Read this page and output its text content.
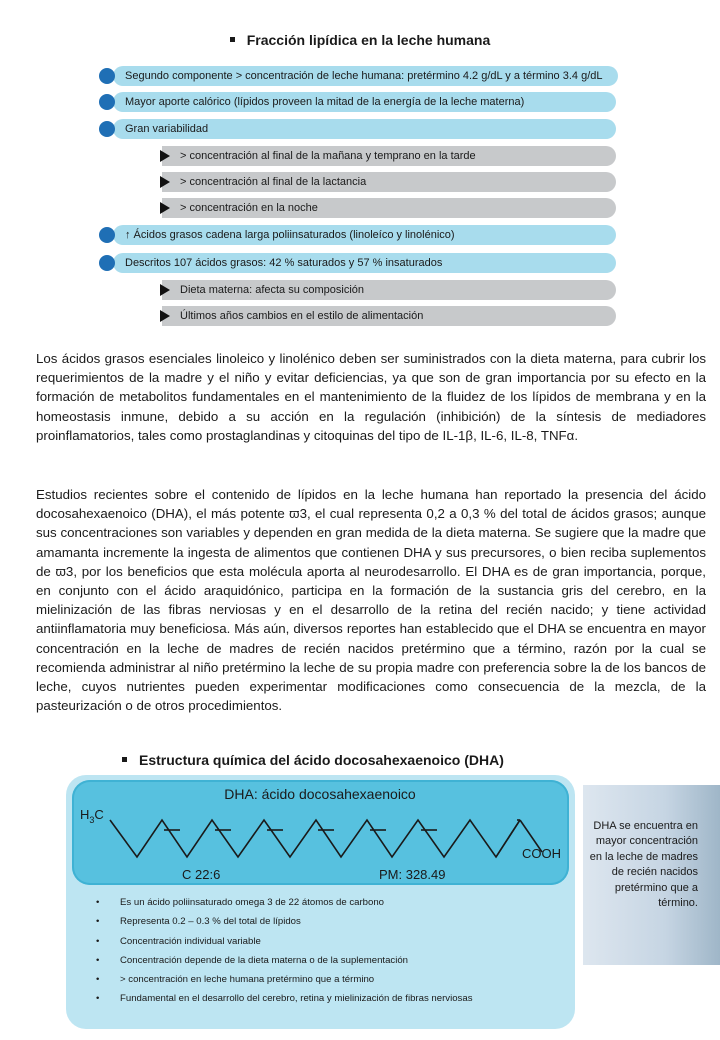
Fracción lipídica en la leche humana
Segundo componente > concentración de leche humana: pretérmino 4.2 g/dL y a término 3.4 g/dL
Mayor aporte calórico (lípidos proveen la mitad de la energía de la leche materna)
Gran variabilidad
> concentración al final de la mañana y temprano en la tarde
> concentración al final de la lactancia
> concentración en la noche
↑ Ácidos grasos cadena larga poliinsaturados (linoleíco y linolénico)
Descritos 107 ácidos grasos: 42 % saturados y 57 % insaturados
Dieta materna: afecta su composición
Últimos años cambios en el estilo de alimentación

Los ácidos grasos esenciales linoleico y linolénico deben ser suministrados con la dieta materna, para cubrir los requerimientos de la madre y el niño y evitar deficiencias, ya que son de gran importancia por su efecto en la formación de metabolitos fundamentales en el mantenimiento de la fluidez de los lípidos de membrana y en la homeostasis inmune, debido a su acción en la regulación (inhibición) de la síntesis de mediadores proinflamatorios, tales como prostaglandinas y citoquinas del tipo de IL-1β, IL-6, IL-8, TNFα.

Estudios recientes sobre el contenido de lípidos en la leche humana han reportado la presencia del ácido docosahexaenoico (DHA), el más potente ϖ3, el cual representa 0,2 a 0,3 % del total de ácidos grasos; aunque sus concentraciones son variables y dependen en gran medida de la dieta materna. Se sugiere que la madre que amamanta incremente la ingesta de alimentos que contienen DHA y sus precursores, o bien reciba suplementos de ϖ3, por los beneficios que esta molécula aporta al neurodesarrollo. El DHA es de gran importancia, porque, en conjunto con el ácido araquidónico, participa en la formación de la sustancia gris del cerebro, en la mielinización de las fibras nerviosas y en el desarrollo de la retina del recién nacido; y tiene actividad antiinflamatoria muy beneficiosa. Más aún, diversos reportes han establecido que el DHA se encuentra en mayor concentración en la leche de madres de recién nacidos pretérmino que a término, razón por la cual se recomienda administrar al niño pretérmino la leche de su propia madre con preferencia sobre la de los bancos de leche, cuyos nutrientes pueden experimentar modificaciones como consecuencia de la mezcla, de la pasteurización o de otros procedimientos.

Estructura química del ácido docosahexaenoico (DHA)
DHA: ácido docosahexaenoico
$H_3C$
COOH
C 22:6	PM: 328.49
• Es un ácido poliinsaturado omega 3 de 22 átomos de carbono
• Representa 0.2 – 0.3 % del total de lípidos
• Concentración individual variable
• Concentración depende de la dieta materna o de la suplementación
• > concentración en leche humana pretérmino que a término
• Fundamental en el desarrollo del cerebro, retina y mielinización de fibras nerviosas

DHA se encuentra en mayor concentración en la leche de madres de recién nacidos pretérmino que a término.
